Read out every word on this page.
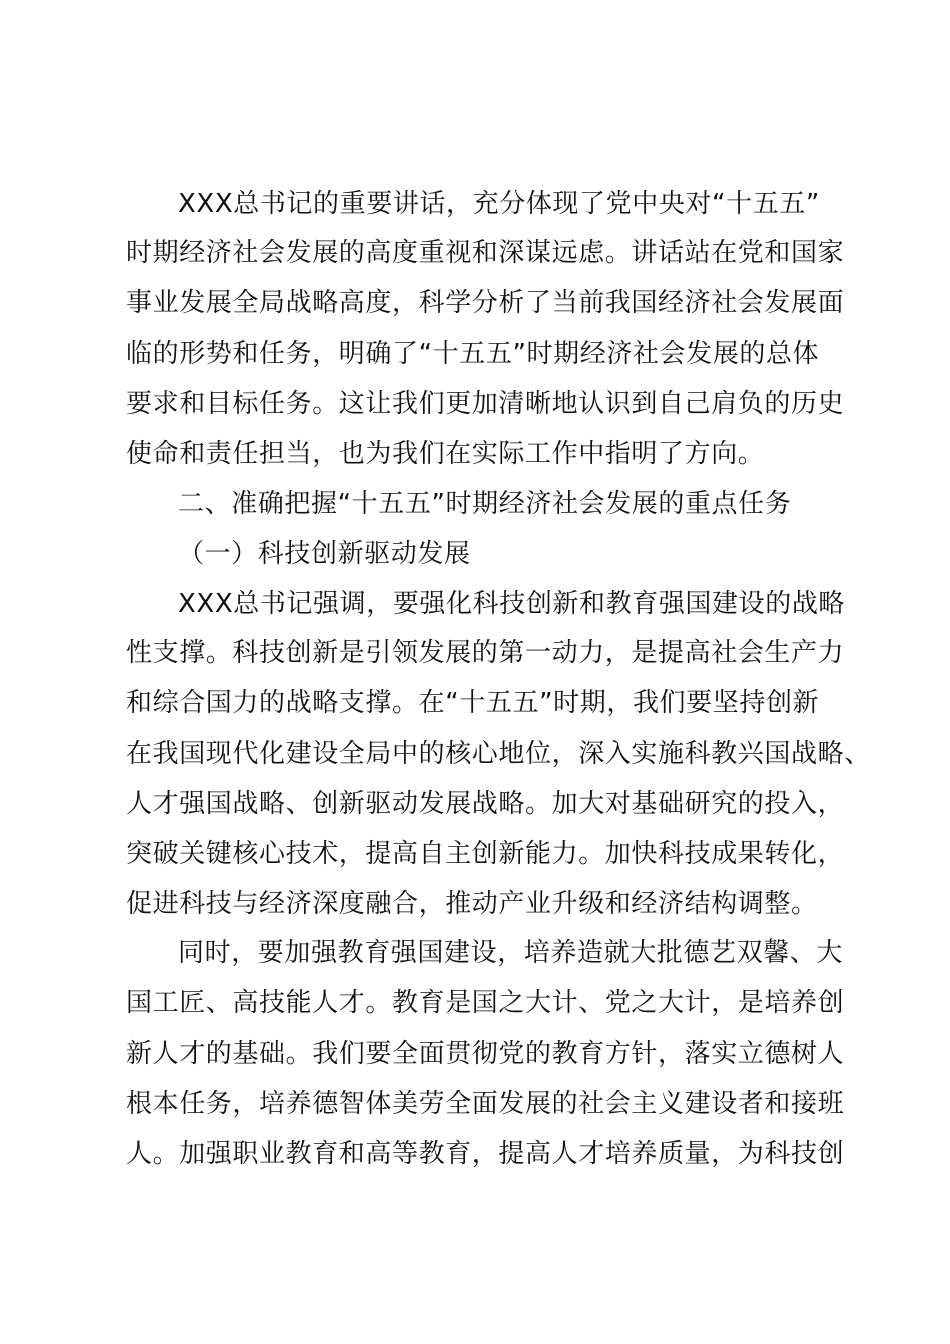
XXX总书记的重要讲话，充分体现了党中央对“十五五”
时期经济社会发展的高度重视和深谋远虑。讲话站在党和国家
事业发展全局战略高度，科学分析了当前我国经济社会发展面
临的形势和任务，明确了“十五五”时期经济社会发展的总体
要求和目标任务。这让我们更加清晰地认识到自己肩负的历史
使命和责任担当，也为我们在实际工作中指明了方向。
二、准确把握“十五五”时期经济社会发展的重点任务
（一）科技创新驱动发展
XXX总书记强调，要强化科技创新和教育强国建设的战略
性支撑。科技创新是引领发展的第一动力，是提高社会生产力
和综合国力的战略支撑。在“十五五”时期，我们要坚持创新
在我国现代化建设全局中的核心地位，深入实施科教兴国战略、
人才强国战略、创新驱动发展战略。加大对基础研究的投入，
突破关键核心技术，提高自主创新能力。加快科技成果转化，
促进科技与经济深度融合，推动产业升级和经济结构调整。
同时，要加强教育强国建设，培养造就大批德艺双馨、大
国工匠、高技能人才。教育是国之大计、党之大计，是培养创
新人才的基础。我们要全面贯彻党的教育方针，落实立德树人
根本任务，培养德智体美劳全面发展的社会主义建设者和接班
人。加强职业教育和高等教育，提高人才培养质量，为科技创
